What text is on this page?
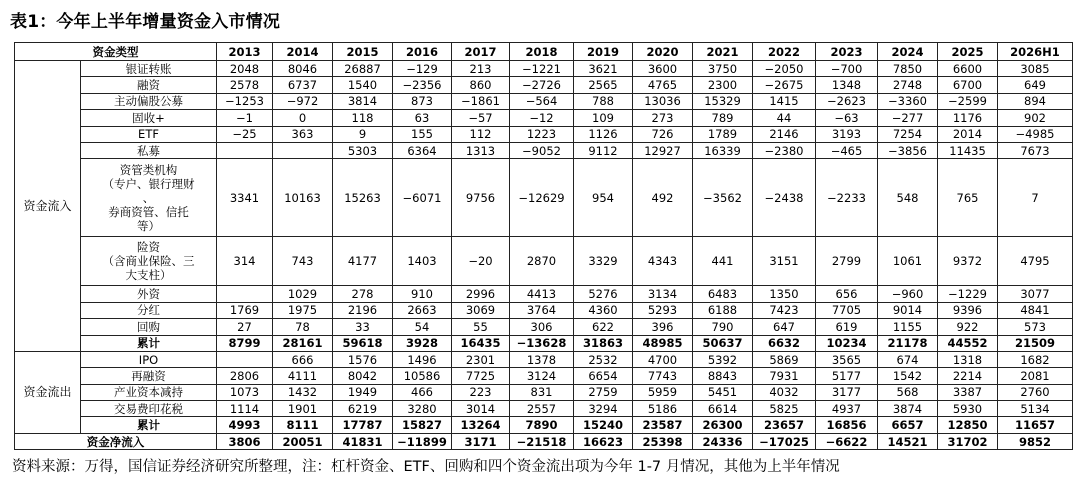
表1：今年上半年增量资金入市情况
资金类型		2013	2014	2015	2016	2017	2018	2019	2020	2021	2022	2023	2024	2025	2026H1
资金流入	银证转账	2048	8046	26887	−129	213	−1221	3621	3600	3750	−2050	−700	7850	6600	3085
	融资	2578	6737	1540	−2356	860	−2726	2565	4765	2300	−2675	1348	2748	6700	649
	主动偏股公募	−1253	−972	3814	873	−1861	−564	788	13036	15329	1415	−2623	−3360	−2599	894
	固收+	−1	0	118	63	−57	−12	109	273	789	44	−63	−277	1176	902
	ETF	−25	363	9	155	112	1223	1126	726	1789	2146	3193	7254	2014	−4985
	私募			5303	6364	1313	−9052	9112	12927	16339	−2380	−465	−3856	11435	7673

	资管类机构
（专户、银行理财
、
券商资管、信托
等）	3341	10163	15263	−6071	9756	−12629	954	492	−3562	−2438	−2233	548	765	7

	险资
（含商业保险、三
大支柱）	314	743	4177	1403	−20	2870	3329	4343	441	3151	2799	1061	9372	4795
	外资		1029	278	910	2996	4413	5276	3134	6483	1350	656	−960	−1229	3077
	分红	1769	1975	2196	2663	3069	3764	4360	5293	6188	7423	7705	9014	9396	4841
	回购	27	78	33	54	55	306	622	396	790	647	619	1155	922	573
	累计	8799	28161	59618	3928	16435	−13628	31863	48985	50637	6632	10234	21178	44552	21509
资金流出	IPO		666	1576	1496	2301	1378	2532	4700	5392	5869	3565	674	1318	1682
	再融资	2806	4111	8042	10586	7725	3124	6654	7743	8843	7931	5177	1542	2214	2081
	产业资本减持	1073	1432	1949	466	223	831	2759	5959	5451	4032	3177	568	3387	2760
	交易费印花税	1114	1901	6219	3280	3014	2557	3294	5186	6614	5825	4937	3874	5930	5134
	累计	4993	8111	17787	15827	13264	7890	15240	23587	26300	23657	16856	6657	12850	11657
资金净流入		3806	20051	41831	−11899	3171	−21518	16623	25398	24336	−17025	−6622	14521	31702	9852
资料来源：万得，国信证券经济研究所整理，注：杠杆资金、ETF、回购和四个资金流出项为今年 1-7 月情况，其他为上半年情况
